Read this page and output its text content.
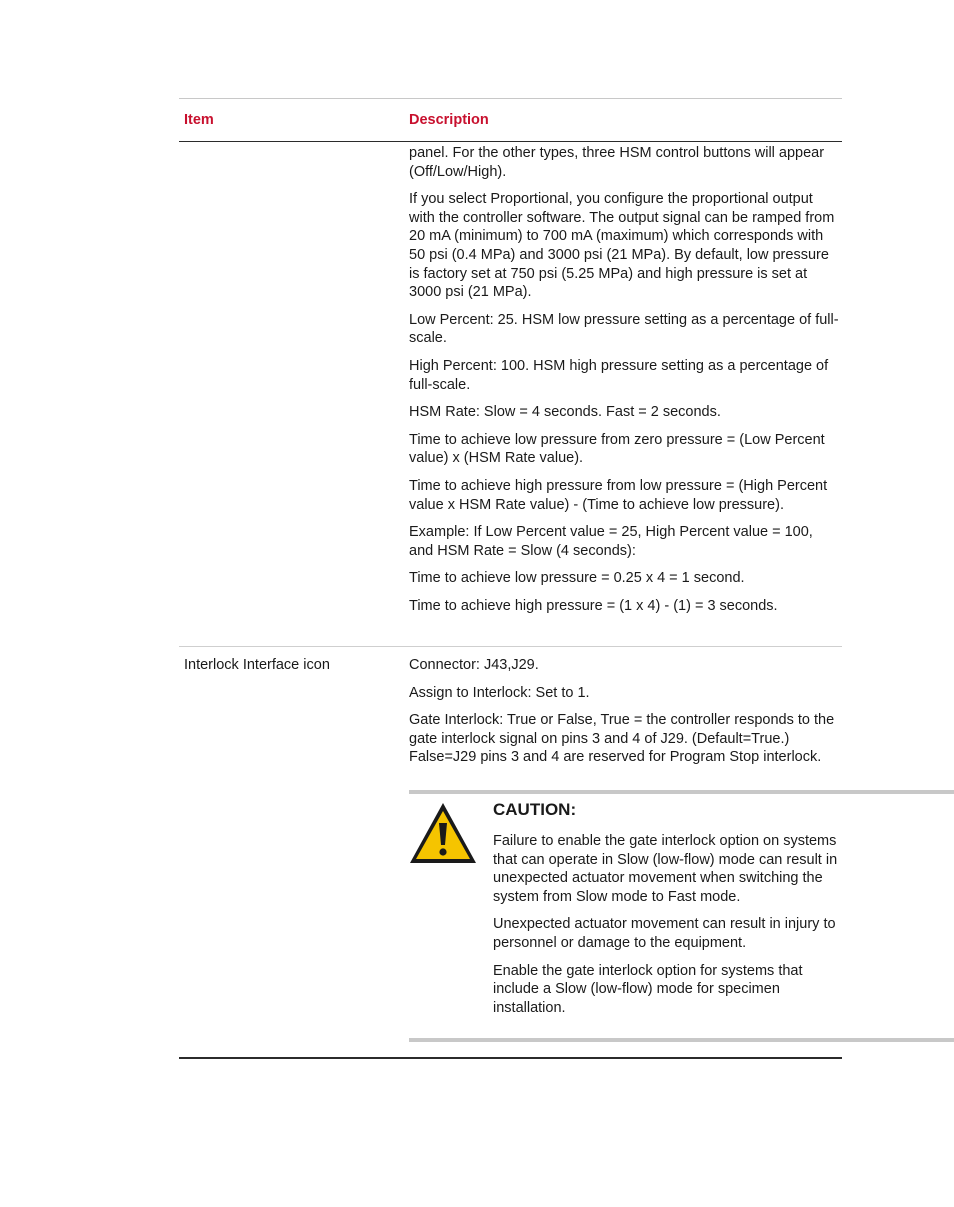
Item	Description

panel. For the other types, three HSM control buttons will appear (Off/Low/High).

If you select Proportional, you configure the proportional output with the controller software. The output signal can be ramped from 20 mA (minimum) to 700 mA (maximum) which corresponds with 50 psi (0.4 MPa) and 3000 psi (21 MPa). By default, low pressure is factory set at 750 psi (5.25 MPa) and high pressure is set at 3000 psi (21 MPa).

Low Percent: 25. HSM low pressure setting as a percentage of full-scale.

High Percent: 100. HSM high pressure setting as a percentage of full-scale.

HSM Rate: Slow = 4 seconds. Fast = 2 seconds.

Time to achieve low pressure from zero pressure = (Low Percent value) x (HSM Rate value).

Time to achieve high pressure from low pressure = (High Percent value x HSM Rate value) - (Time to achieve low pressure).

Example: If Low Percent value = 25, High Percent value = 100, and HSM Rate = Slow (4 seconds):

Time to achieve low pressure = 0.25 x 4 = 1 second.

Time to achieve high pressure = (1 x 4) - (1) = 3 seconds.

Interlock Interface icon	Connector: J43,J29.

Assign to Interlock: Set to 1.

Gate Interlock: True or False, True = the controller responds to the gate interlock signal on pins 3 and 4 of J29. (Default=True.) False=J29 pins 3 and 4 are reserved for Program Stop interlock.

CAUTION:

Failure to enable the gate interlock option on systems that can operate in Slow (low-flow) mode can result in unexpected actuator movement when switching the system from Slow mode to Fast mode.

Unexpected actuator movement can result in injury to personnel or damage to the equipment.

Enable the gate interlock option for systems that include a Slow (low-flow) mode for specimen installation.
